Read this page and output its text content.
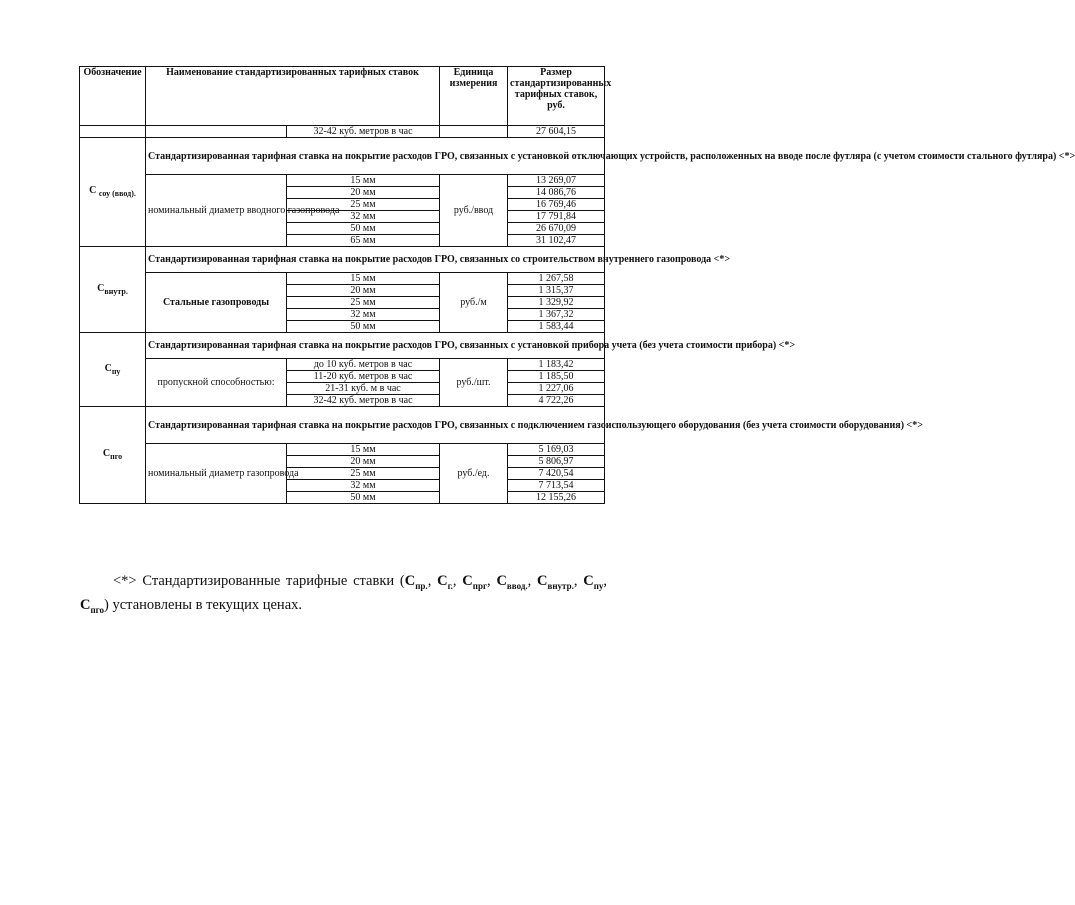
Обозначение	Наименование стандартизированных тарифных ставок		Единица измерения	Размер стандартизированных тарифных ставок, руб.
		32-42 куб. метров в час		27 604,15
С $_{соу (ввод).}$	Стандартизированная тарифная ставка на покрытие расходов ГРО, связанных с установкой отключающих устройств, расположенных на вводе после футляра (с учетом стоимости стального футляра) <*>			
	номинальный диаметр вводного газопровода	15 мм	руб./ввод	13 269,07
		20 мм		14 086,76
		25 мм		16 769,46
		32 мм		17 791,84
		50 мм		26 670,09
		65 мм		31 102,47
$С_{внутр.}$	Стандартизированная тарифная ставка на покрытие расходов ГРО, связанных со строительством внутреннего газопровода <*>			
	Стальные газопроводы	15 мм	руб./м	1 267,58
		20 мм		1 315,37
		25 мм		1 329,92
		32 мм		1 367,32
		50 мм		1 583,44
$С_{пу}$	Стандартизированная тарифная ставка на покрытие расходов ГРО, связанных с установкой прибора учета (без учета стоимости прибора) <*>			
	пропускной способностью:	до 10 куб. метров в час	руб./шт.	1 183,42
		11-20 куб. метров в час		1 185,50
		21-31 куб. м в час		1 227,06
		32-42 куб. метров в час		4 722,26
$С_{пго}$	Стандартизированная тарифная ставка на покрытие расходов ГРО, связанных с подключением газоиспользующего оборудования (без учета стоимости оборудования) <*>			
	номинальный диаметр газопровода	15 мм	руб./ед.	5 169,03
		20 мм		5 806,97
		25 мм		7 420,54
		32 мм		7 713,54
		50 мм		12 155,26
<*> Стандартизированные тарифные ставки ($С_{пр.}$, $С_{г.}$, $С_{прг}$, $С_{ввод.}$, $С_{внутр.}$, $С_{пу}$, $С_{пго}$) установлены в текущих ценах.
